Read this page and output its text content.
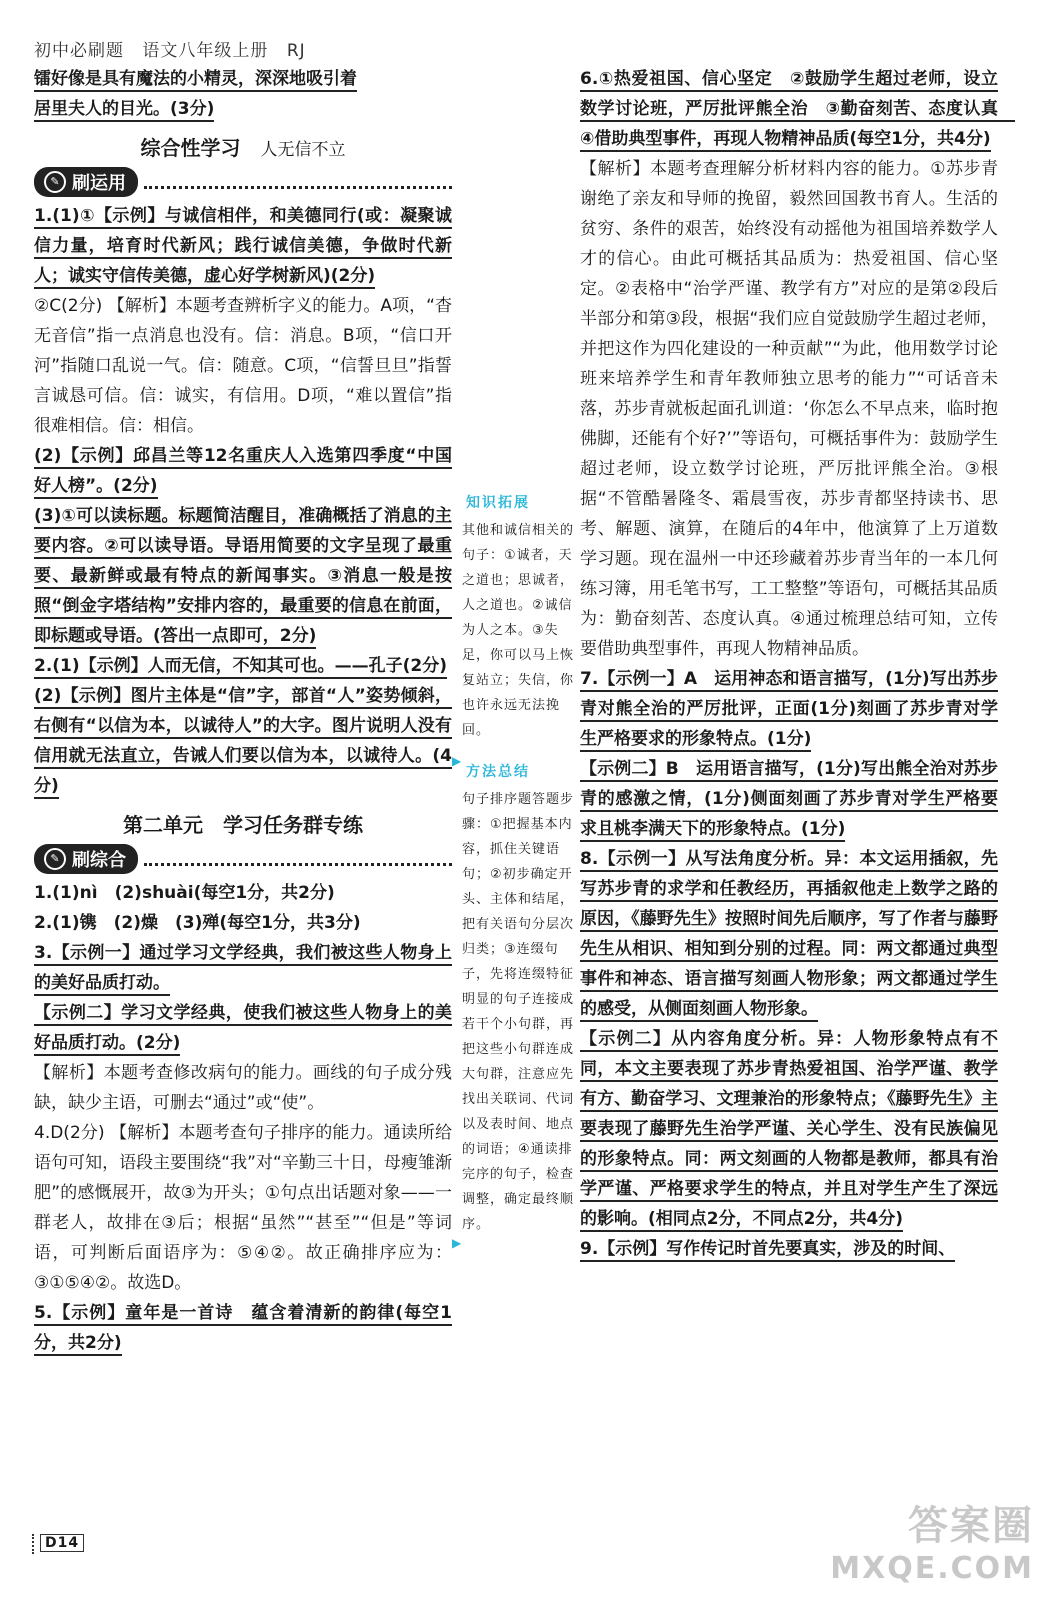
初中必刷题 语文八年级上册 RJ

镭好像是具有魔法的小精灵，深深地吸引着

居里夫人的目光。(3分)

综合性学习 人无信不立
✎ 刷运用

1.(1)①【示例】与诚信相伴，和美德同行(或：凝聚诚信力量，培育时代新风；践行诚信美德，争做时代新人；诚实守信传美德，虚心好学树新风)(2分)

②C(2分) 【解析】本题考查辨析字义的能力。A项，“杳无音信”指一点消息也没有。信：消息。B项，“信口开河”指随口乱说一气。信：随意。C项，“信誓旦旦”指誓言诚恳可信。信：诚实，有信用。D项，“难以置信”指很难相信。信：相信。

(2)【示例】邱昌兰等12名重庆人入选第四季度“中国好人榜”。(2分)

(3)①可以读标题。标题简洁醒目，准确概括了消息的主要内容。②可以读导语。导语用简要的文字呈现了最重要、最新鲜或最有特点的新闻事实。③消息一般是按照“倒金字塔结构”安排内容的，最重要的信息在前面，即标题或导语。(答出一点即可，2分)

2.(1)【示例】人而无信，不知其可也。——孔子(2分)

(2)【示例】图片主体是“信”字，部首“人”姿势倾斜，右侧有“以信为本，以诚待人”的大字。图片说明人没有信用就无法直立，告诫人们要以信为本，以诚待人。(4分)

第二单元　学习任务群专练
✎ 刷综合

1.(1)nì　(2)shuài(每空1分，共2分)

2.(1)镌　(2)燥　(3)殚(每空1分，共3分)

3.【示例一】通过学习文学经典，我们被这些人物身上的美好品质打动。

【示例二】学习文学经典，使我们被这些人物身上的美好品质打动。(2分)

【解析】本题考查修改病句的能力。画线的句子成分残缺，缺少主语，可删去“通过”或“使”。

4.D(2分) 【解析】本题考查句子排序的能力。通读所给语句可知，语段主要围绕“我”对“辛勤三十日，母瘦雏渐肥”的感慨展开，故③为开头；①句点出话题对象——一群老人，故排在③后；根据“虽然”“甚至”“但是”等词语，可判断后面语序为：⑤④②。故正确排序应为：③①⑤④②。故选D。

5.【示例】童年是一首诗　蕴含着清新的韵律(每空1分，共2分)

知识拓展

其他和诚信相关的句子：①诚者，天之道也；思诚者，人之道也。②诚信为人之本。③失足，你可以马上恢复站立；失信，你也许永远无法挽回。

方法总结

句子排序题答题步骤：①把握基本内容，抓住关键语句；②初步确定开头、主体和结尾，把有关语句分层次归类；③连缀句子，先将连缀特征明显的句子连接成若干个小句群，再把这些小句群连成大句群，注意应先找出关联词、代词以及表时间、地点的词语；④通读排完序的句子，检查调整，确定最终顺序。

▶
▶

6.①热爱祖国、信心坚定　②鼓励学生超过老师，设立数学讨论班，严厉批评熊全治　③勤奋刻苦、态度认真　④借助典型事件，再现人物精神品质(每空1分，共4分)

【解析】本题考查理解分析材料内容的能力。①苏步青谢绝了亲友和导师的挽留，毅然回国教书育人。生活的贫穷、条件的艰苦，始终没有动摇他为祖国培养数学人才的信心。由此可概括其品质为：热爱祖国、信心坚定。②表格中“治学严谨、教学有方”对应的是第②段后半部分和第③段，根据“我们应自觉鼓励学生超过老师，并把这作为四化建设的一种贡献”“为此，他用数学讨论班来培养学生和青年教师独立思考的能力”“可话音未落，苏步青就板起面孔训道：‘你怎么不早点来，临时抱佛脚，还能有个好?’”等语句，可概括事件为：鼓励学生超过老师，设立数学讨论班，严厉批评熊全治。③根据“不管酷暑隆冬、霜晨雪夜，苏步青都坚持读书、思考、解题、演算，在随后的4年中，他演算了上万道数学习题。现在温州一中还珍藏着苏步青当年的一本几何练习簿，用毛笔书写，工工整整”等语句，可概括其品质为：勤奋刻苦、态度认真。④通过梳理总结可知，立传要借助典型事件，再现人物精神品质。

7.【示例一】A　运用神态和语言描写，(1分)写出苏步青对熊全治的严厉批评，正面(1分)刻画了苏步青对学生严格要求的形象特点。(1分)

【示例二】B　运用语言描写，(1分)写出熊全治对苏步青的感激之情，(1分)侧面刻画了苏步青对学生严格要求且桃李满天下的形象特点。(1分)

8.【示例一】从写法角度分析。异：本文运用插叙，先写苏步青的求学和任教经历，再插叙他走上数学之路的原因，《藤野先生》按照时间先后顺序，写了作者与藤野先生从相识、相知到分别的过程。同：两文都通过典型事件和神态、语言描写刻画人物形象；两文都通过学生的感受，从侧面刻画人物形象。

【示例二】从内容角度分析。异：人物形象特点有不同，本文主要表现了苏步青热爱祖国、治学严谨、教学有方、勤奋学习、文理兼治的形象特点；《藤野先生》主要表现了藤野先生治学严谨、关心学生、没有民族偏见的形象特点。同：两文刻画的人物都是教师，都具有治学严谨、严格要求学生的特点，并且对学生产生了深远的影响。(相同点2分，不同点2分，共4分)

9.【示例】写作传记时首先要真实，涉及的时间、

D14	答案圈
MXQE.COM
